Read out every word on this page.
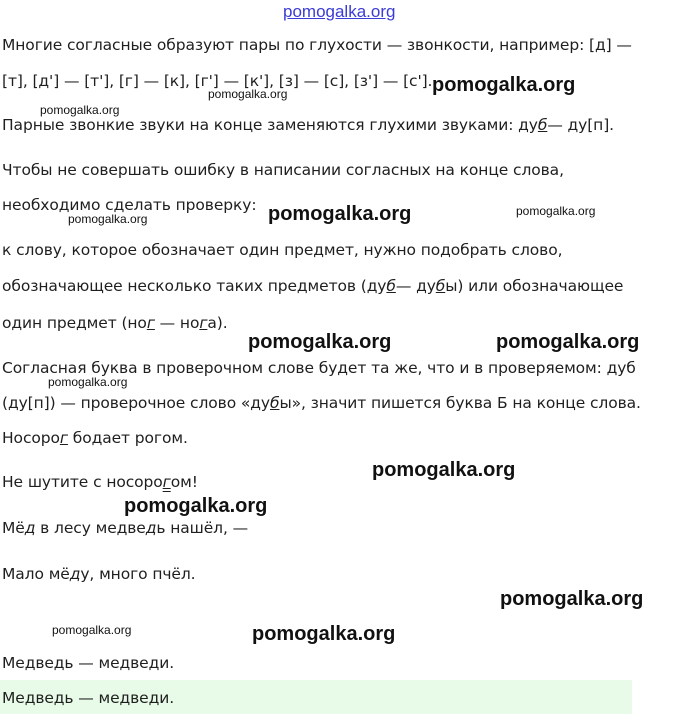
pomogalka.org
Многие согласные образуют пары по глухости — звонкости, например: [д] —
[т], [д'] — [т'], [г] — [к], [г'] — [к'], [з] — [с], [з'] — [с']. pomogalka.org
pomogalka.org
pomogalka.org
Парные звонкие звуки на конце заменяются глухими звуками: дуб— ду[п].
Чтобы не совершать ошибку в написании согласных на конце слова,
необходимо сделать проверку: pomogalka.org	pomogalka.org
pomogalka.org
к слову, которое обозначает один предмет, нужно подобрать слово,
обозначающее несколько таких предметов (дуб— дубы) или обозначающее
один предмет (ног — нога).
pomogalka.org	pomogalka.org
Согласная буква в проверочном слове будет та же, что и в проверяемом: дуб
pomogalka.org
(ду[п]) — проверочное слово «дубы», значит пишется буква Б на конце слова.
Носорог бодает рогом.
pomogalka.org
Не шутите с носорогом!
pomogalka.org
Мёд в лесу медведь нашёл, —
Мало мёду, много пчёл.
pomogalka.org
pomogalka.org	pomogalka.org
Медведь — медведи.
Медведь — медведи.
